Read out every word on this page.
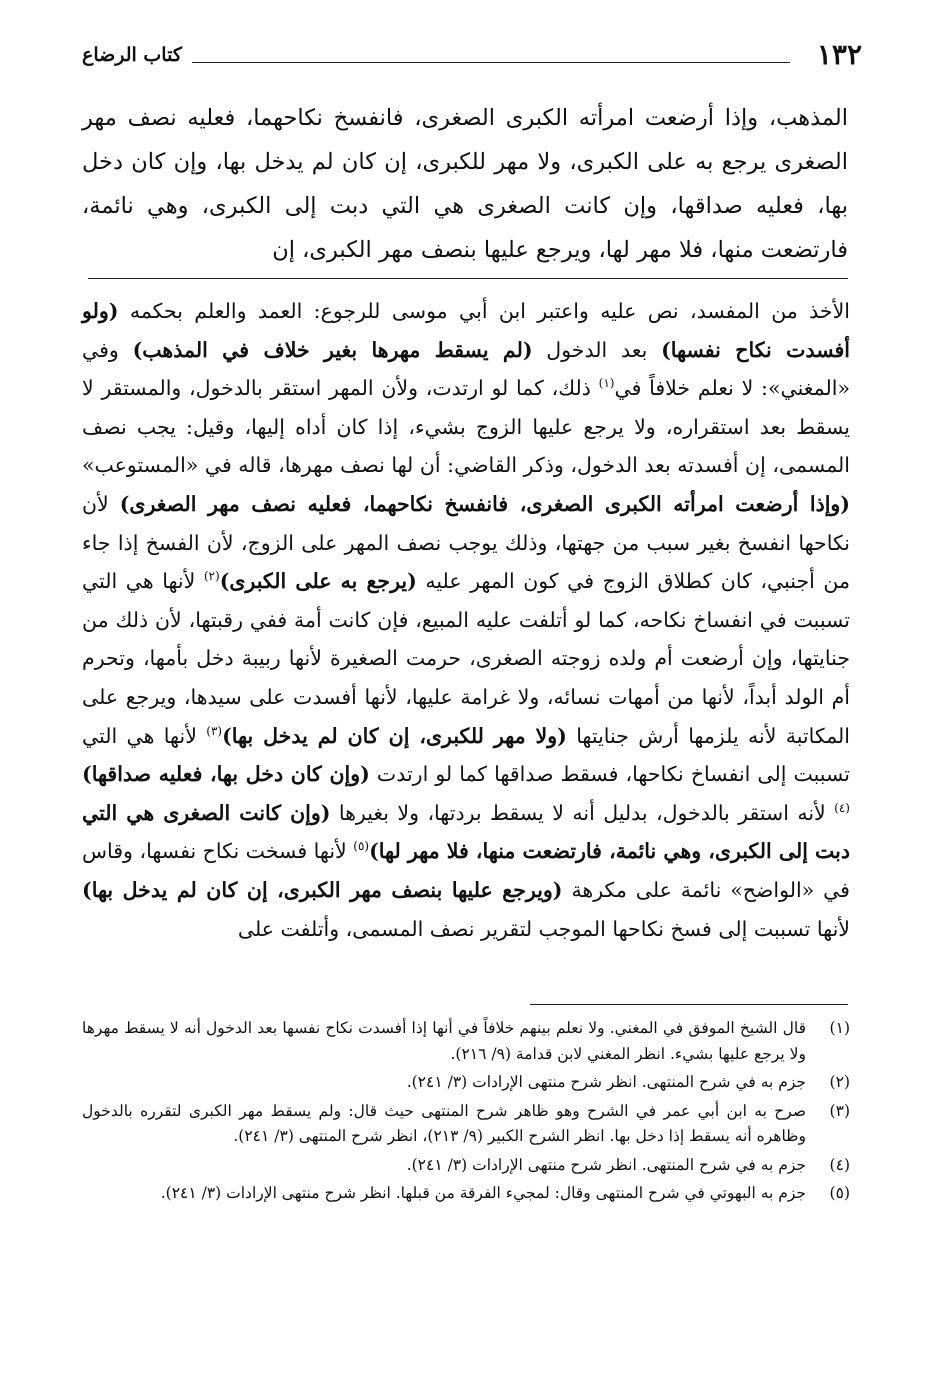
١٣٢
كتاب الرضاع
المذهب، وإذا أرضعت امرأته الكبرى الصغرى، فانفسخ نكاحهما، فعليه نصف مهر الصغرى يرجع به على الكبرى، ولا مهر للكبرى، إن كان لم يدخل بها، وإن كان دخل بها، فعليه صداقها، وإن كانت الصغرى هي التي دبت إلى الكبرى، وهي نائمة، فارتضعت منها، فلا مهر لها، ويرجع عليها بنصف مهر الكبرى، إن

الأخذ من المفسد، نص عليه واعتبر ابن أبي موسى للرجوع: العمد والعلم بحكمه (ولو أفسدت نكاح نفسها) بعد الدخول (لم يسقط مهرها بغير خلاف في المذهب) وفي «المغني»: لا نعلم خلافاً في$^{(١)}$ ذلك، كما لو ارتدت، ولأن المهر استقر بالدخول، والمستقر لا يسقط بعد استقراره، ولا يرجع عليها الزوج بشيء، إذا كان أداه إليها، وقيل: يجب نصف المسمى، إن أفسدته بعد الدخول، وذكر القاضي: أن لها نصف مهرها، قاله في «المستوعب» (وإذا أرضعت امرأته الكبرى الصغرى، فانفسخ نكاحهما، فعليه نصف مهر الصغرى) لأن نكاحها انفسخ بغير سبب من جهتها، وذلك يوجب نصف المهر على الزوج، لأن الفسخ إذا جاء من أجنبي، كان كطلاق الزوج في كون المهر عليه (يرجع به على الكبرى)$^{(٢)}$ لأنها هي التي تسببت في انفساخ نكاحه، كما لو أتلفت عليه المبيع، فإن كانت أمة ففي رقبتها، لأن ذلك من جنايتها، وإن أرضعت أم ولده زوجته الصغرى، حرمت الصغيرة لأنها ربيبة دخل بأمها، وتحرم أم الولد أبداً، لأنها من أمهات نسائه، ولا غرامة عليها، لأنها أفسدت على سيدها، ويرجع على المكاتبة لأنه يلزمها أرش جنايتها (ولا مهر للكبرى، إن كان لم يدخل بها)$^{(٣)}$ لأنها هي التي تسببت إلى انفساخ نكاحها، فسقط صداقها كما لو ارتدت (وإن كان دخل بها، فعليه صداقها)$^{(٤)}$ لأنه استقر بالدخول، بدليل أنه لا يسقط بردتها، ولا بغيرها (وإن كانت الصغرى هي التي دبت إلى الكبرى، وهي نائمة، فارتضعت منها، فلا مهر لها)$^{(٥)}$ لأنها فسخت نكاح نفسها، وقاس في «الواضح» نائمة على مكرهة (ويرجع عليها بنصف مهر الكبرى، إن كان لم يدخل بها) لأنها تسببت إلى فسخ نكاحها الموجب لتقرير نصف المسمى، وأتلفت على

(١)
قال الشيخ الموفق في المغني. ولا نعلم بينهم خلافاً في أنها إذا أفسدت نكاح نفسها بعد الدخول أنه لا يسقط مهرها ولا يرجع عليها بشيء. انظر المغني لابن قدامة (٩/ ٢١٦).
(٢)
جزم به في شرح المنتهى. انظر شرح منتهى الإرادات (٣/ ٢٤١).
(٣)
صرح به ابن أبي عمر في الشرح وهو ظاهر شرح المنتهى حيث قال: ولم يسقط مهر الكبرى لتقرره بالدخول وظاهره أنه يسقط إذا دخل بها. انظر الشرح الكبير (٩/ ٢١٣)، انظر شرح المنتهى (٣/ ٢٤١).
(٤)
جزم به في شرح المنتهى. انظر شرح منتهى الإرادات (٣/ ٢٤١).
(٥)
جزم به البهوتي في شرح المنتهى وقال: لمجيء الفرقة من قبلها. انظر شرح منتهى الإرادات (٣/ ٢٤١).
